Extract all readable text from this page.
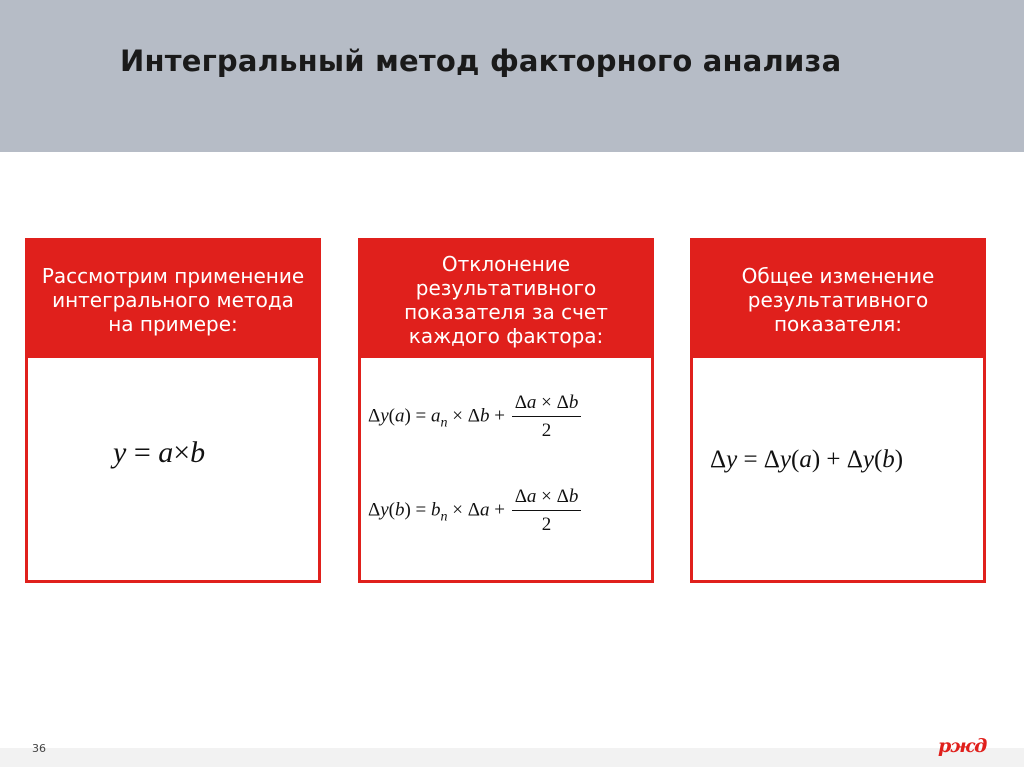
Интегральный метод факторного анализа
Рассмотрим применение интегрального метода на примере:
y = a×b
Отклонение результативного показателя за счет каждого фактора:
$\Delta y(a) = a_n \times \Delta b + \frac{\Delta a \times \Delta b}{2}$
$\Delta y(b) = b_n \times \Delta a + \frac{\Delta a \times \Delta b}{2}$
Общее изменение результативного показателя:
Δy = Δy(a) + Δy(b)
36	ржд
